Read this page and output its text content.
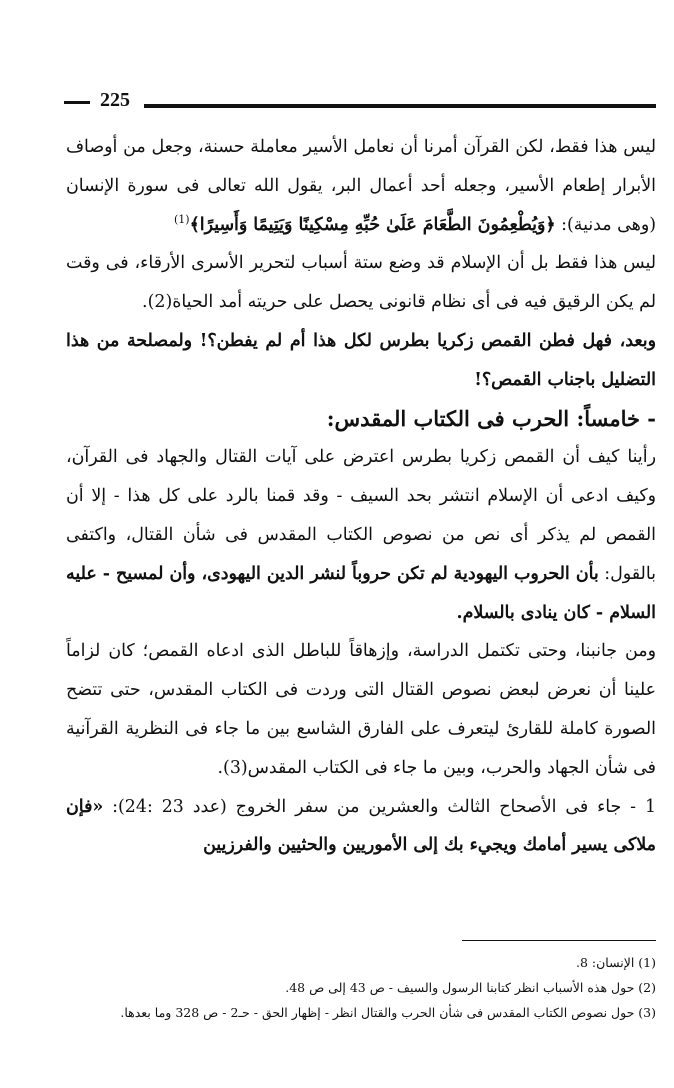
225

ليس هذا فقط، لكن القرآن أمرنا أن نعامل الأسير معاملة حسنة، وجعل من أوصاف الأبرار إطعام الأسير، وجعله أحد أعمال البر، يقول الله تعالى فى سورة الإنسان (وهى مدنية): ﴿وَيُطْعِمُونَ الطَّعَامَ عَلَىٰ حُبِّهِ مِسْكِينًا وَيَتِيمًا وَأَسِيرًا﴾$^{(1)}$

ليس هذا فقط بل أن الإسلام قد وضع ستة أسباب لتحرير الأسرى الأرقاء، فى وقت لم يكن الرقيق فيه فى أى نظام قانونى يحصل على حريته أمد الحياة(2).

وبعد، فهل فطن القمص زكريا بطرس لكل هذا أم لم يفطن؟! ولمصلحة من هذا التضليل باجناب القمص؟!

- خامساً: الحرب فى الكتاب المقدس:

رأينا كيف أن القمص زكريا بطرس اعترض على آيات القتال والجهاد فى القرآن، وكيف ادعى أن الإسلام انتشر بحد السيف - وقد قمنا بالرد على كل هذا - إلا أن القمص لم يذكر أى نص من نصوص الكتاب المقدس فى شأن القتال، واكتفى بالقول: بأن الحروب اليهودية لم تكن حروباً لنشر الدين اليهودى، وأن لمسيح - عليه السلام - كان ينادى بالسلام.

ومن جانبنا، وحتى تكتمل الدراسة، وإزهاقاً للباطل الذى ادعاه القمص؛ كان لزاماً علينا أن نعرض لبعض نصوص القتال التى وردت فى الكتاب المقدس، حتى تتضح الصورة كاملة للقارئ ليتعرف على الفارق الشاسع بين ما جاء فى النظرية القرآنية فى شأن الجهاد والحرب، وبين ما جاء فى الكتاب المقدس(3).

1 - جاء فى الأصحاح الثالث والعشرين من سفر الخروج (عدد 23 :24): «فإن ملاكى يسير أمامك ويجيء بك إلى الأموريين والحثيين والفرزيين

(1) الإنسان: 8.
(2) حول هذه الأسباب انظر كتابنا الرسول والسيف - ص 43 إلى ص 48.
(3) حول نصوص الكتاب المقدس فى شأن الحرب والقتال انظر - إظهار الحق - حـ2 - ص 328 وما بعدها.
